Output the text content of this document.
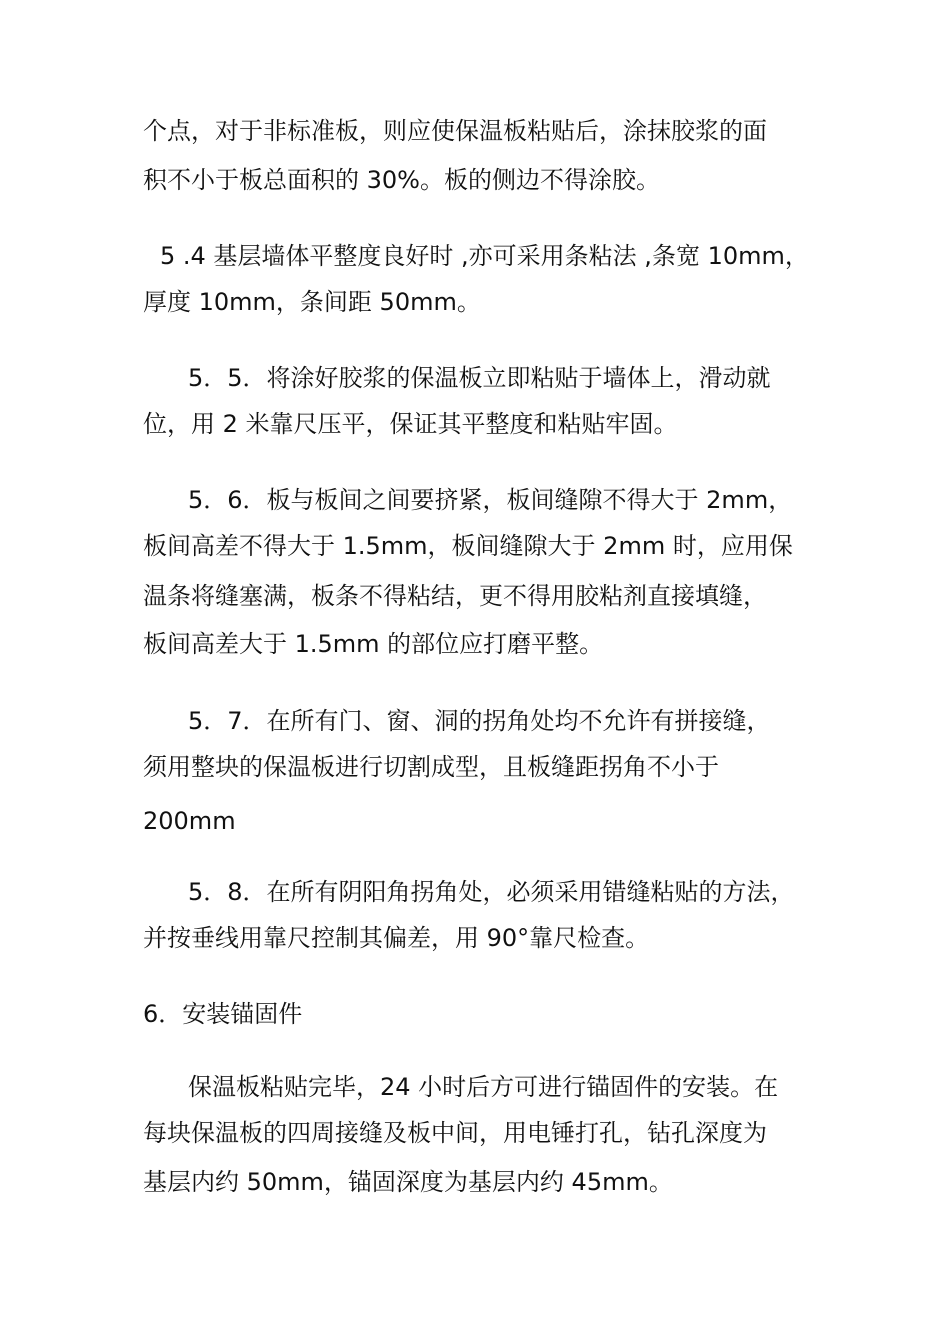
个点，对于非标准板，则应使保温板粘贴后，涂抹胶浆的面

积不小于板总面积的 30%。板的侧边不得涂胶。

5 .4 基层墙体平整度良好时 ,亦可采用条粘法 ,条宽 10mm，

厚度 10mm，条间距 50mm。

5．5．将涂好胶浆的保温板立即粘贴于墙体上，滑动就

位，用 2 米靠尺压平，保证其平整度和粘贴牢固。

5．6．板与板间之间要挤紧，板间缝隙不得大于 2mm，

板间高差不得大于 1.5mm，板间缝隙大于 2mm 时，应用保

温条将缝塞满，板条不得粘结，更不得用胶粘剂直接填缝，

板间高差大于 1.5mm 的部位应打磨平整。

5．7．在所有门、窗、洞的拐角处均不允许有拼接缝，

须用整块的保温板进行切割成型，且板缝距拐角不小于

200mm

5．8．在所有阴阳角拐角处，必须采用错缝粘贴的方法，

并按垂线用靠尺控制其偏差，用 90°靠尺检查。

6．安装锚固件

保温板粘贴完毕，24 小时后方可进行锚固件的安装。在

每块保温板的四周接缝及板中间，用电锤打孔，钻孔深度为

基层内约 50mm，锚固深度为基层内约 45mm。
